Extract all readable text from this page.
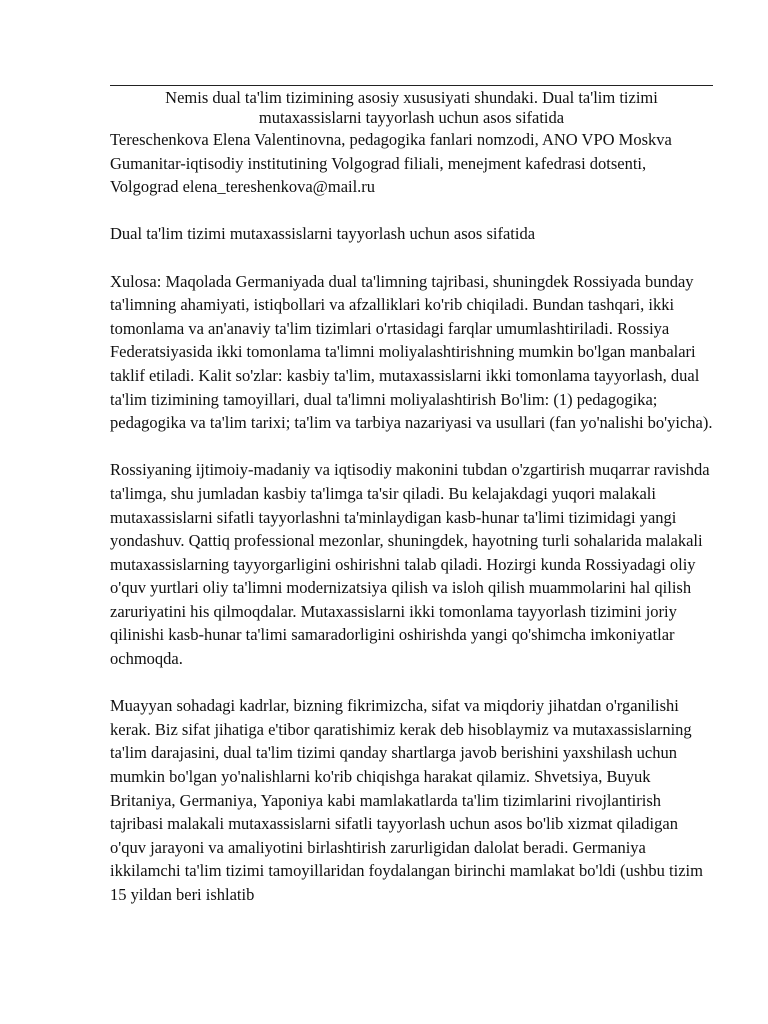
Nemis dual ta'lim tizimining asosiy xususiyati shundaki. Dual ta'lim tizimi mutaxassislarni tayyorlash uchun asos sifatida

Tereschenkova Elena Valentinovna, pedagogika fanlari nomzodi, ANO VPO Moskva Gumanitar-iqtisodiy institutining Volgograd filiali, menejment kafedrasi dotsenti, Volgograd elena_tereshenkova@mail.ru

Dual ta'lim tizimi mutaxassislarni tayyorlash uchun asos sifatida

Xulosa: Maqolada Germaniyada dual ta'limning tajribasi, shuningdek Rossiyada bunday ta'limning ahamiyati, istiqbollari va afzalliklari ko'rib chiqiladi. Bundan tashqari, ikki tomonlama va an'anaviy ta'lim tizimlari o'rtasidagi farqlar umumlashtiriladi. Rossiya Federatsiyasida ikki tomonlama ta'limni moliyalashtirishning mumkin bo'lgan manbalari taklif etiladi. Kalit so'zlar: kasbiy ta'lim, mutaxassislarni ikki tomonlama tayyorlash, dual ta'lim tizimining tamoyillari, dual ta'limni moliyalashtirish Bo'lim: (1) pedagogika; pedagogika va ta'lim tarixi; ta'lim va tarbiya nazariyasi va usullari (fan yo'nalishi bo'yicha).

Rossiyaning ijtimoiy-madaniy va iqtisodiy makonini tubdan o'zgartirish muqarrar ravishda ta'limga, shu jumladan kasbiy ta'limga ta'sir qiladi. Bu kelajakdagi yuqori malakali mutaxassislarni sifatli tayyorlashni ta'minlaydigan kasb-hunar ta'limi tizimidagi yangi yondashuv. Qattiq professional mezonlar, shuningdek, hayotning turli sohalarida malakali mutaxassislarning tayyorgarligini oshirishni talab qiladi. Hozirgi kunda Rossiyadagi oliy o'quv yurtlari oliy ta'limni modernizatsiya qilish va isloh qilish muammolarini hal qilish zaruriyatini his qilmoqdalar. Mutaxassislarni ikki tomonlama tayyorlash tizimini joriy qilinishi kasb-hunar ta'limi samaradorligini oshirishda yangi qo'shimcha imkoniyatlar ochmoqda.

Muayyan sohadagi kadrlar, bizning fikrimizcha, sifat va miqdoriy jihatdan o'rganilishi kerak. Biz sifat jihatiga e'tibor qaratishimiz kerak deb hisoblaymiz va mutaxassislarning ta'lim darajasini, dual ta'lim tizimi qanday shartlarga javob berishini yaxshilash uchun mumkin bo'lgan yo'nalishlarni ko'rib chiqishga harakat qilamiz. Shvetsiya, Buyuk Britaniya, Germaniya, Yaponiya kabi mamlakatlarda ta'lim tizimlarini rivojlantirish tajribasi malakali mutaxassislarni sifatli tayyorlash uchun asos bo'lib xizmat qiladigan o'quv jarayoni va amaliyotini birlashtirish zarurligidan dalolat beradi. Germaniya ikkilamchi ta'lim tizimi tamoyillaridan foydalangan birinchi mamlakat bo'ldi (ushbu tizim 15 yildan beri ishlatib
